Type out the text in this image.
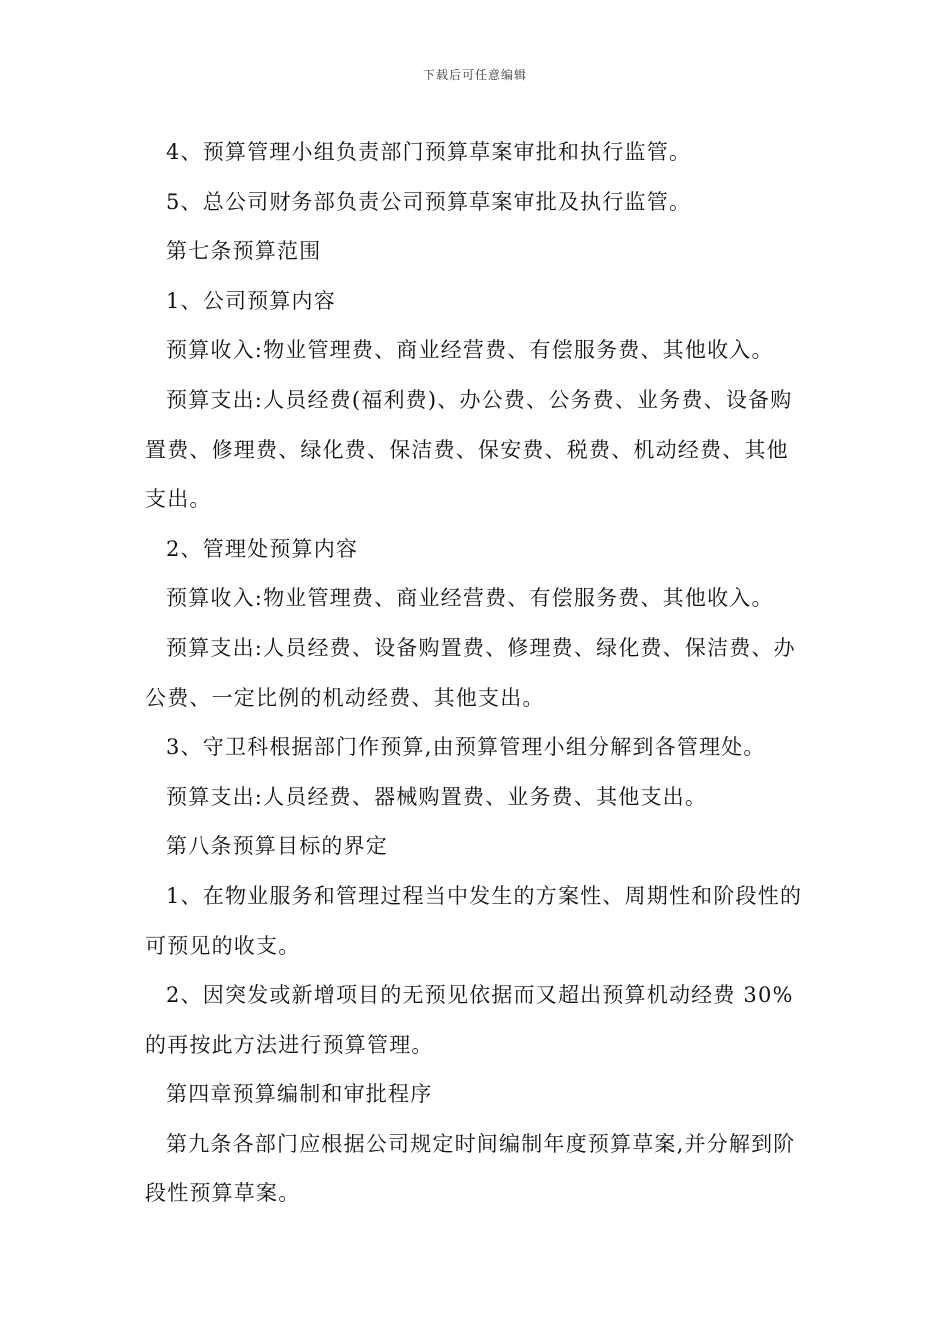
下载后可任意编辑

4、预算管理小组负责部门预算草案审批和执行监管。

5、总公司财务部负责公司预算草案审批及执行监管。

第七条预算范围

1、公司预算内容

预算收入:物业管理费、商业经营费、有偿服务费、其他收入。

预算支出:人员经费(福利费)、办公费、公务费、业务费、设备购置费、修理费、绿化费、保洁费、保安费、税费、机动经费、其他支出。

2、管理处预算内容

预算收入:物业管理费、商业经营费、有偿服务费、其他收入。

预算支出:人员经费、设备购置费、修理费、绿化费、保洁费、办公费、一定比例的机动经费、其他支出。

3、守卫科根据部门作预算,由预算管理小组分解到各管理处。

预算支出:人员经费、器械购置费、业务费、其他支出。

第八条预算目标的界定

1、在物业服务和管理过程当中发生的方案性、周期性和阶段性的可预见的收支。

2、因突发或新增项目的无预见依据而又超出预算机动经费 30%的再按此方法进行预算管理。

第四章预算编制和审批程序

第九条各部门应根据公司规定时间编制年度预算草案,并分解到阶段性预算草案。
